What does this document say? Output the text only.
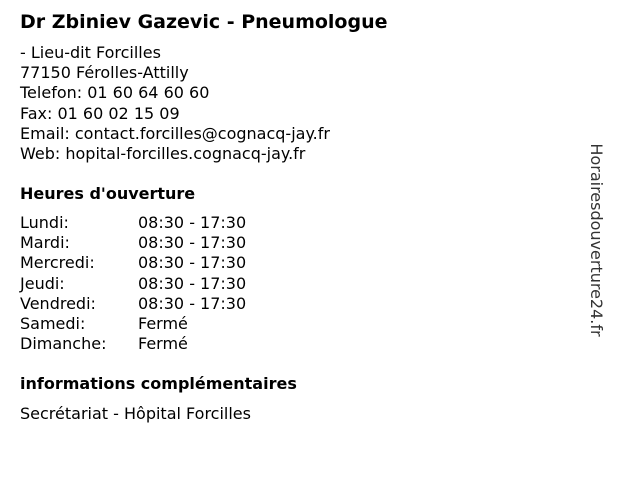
Dr Zbiniev Gazevic - Pneumologue
- Lieu-dit Forcilles
77150 Férolles-Attilly
Telefon: 01 60 64 60 60
Fax: 01 60 02 15 09
Email: contact.forcilles@cognacq-jay.fr
Web: hopital-forcilles.cognacq-jay.fr
Heures d'ouverture
Lundi:	08:30 - 17:30
Mardi:	08:30 - 17:30
Mercredi:	08:30 - 17:30
Jeudi:	08:30 - 17:30
Vendredi:	08:30 - 17:30
Samedi:	Fermé
Dimanche:	Fermé
informations complémentaires
Secrétariat - Hôpital Forcilles
Horairesdouverture24.fr
